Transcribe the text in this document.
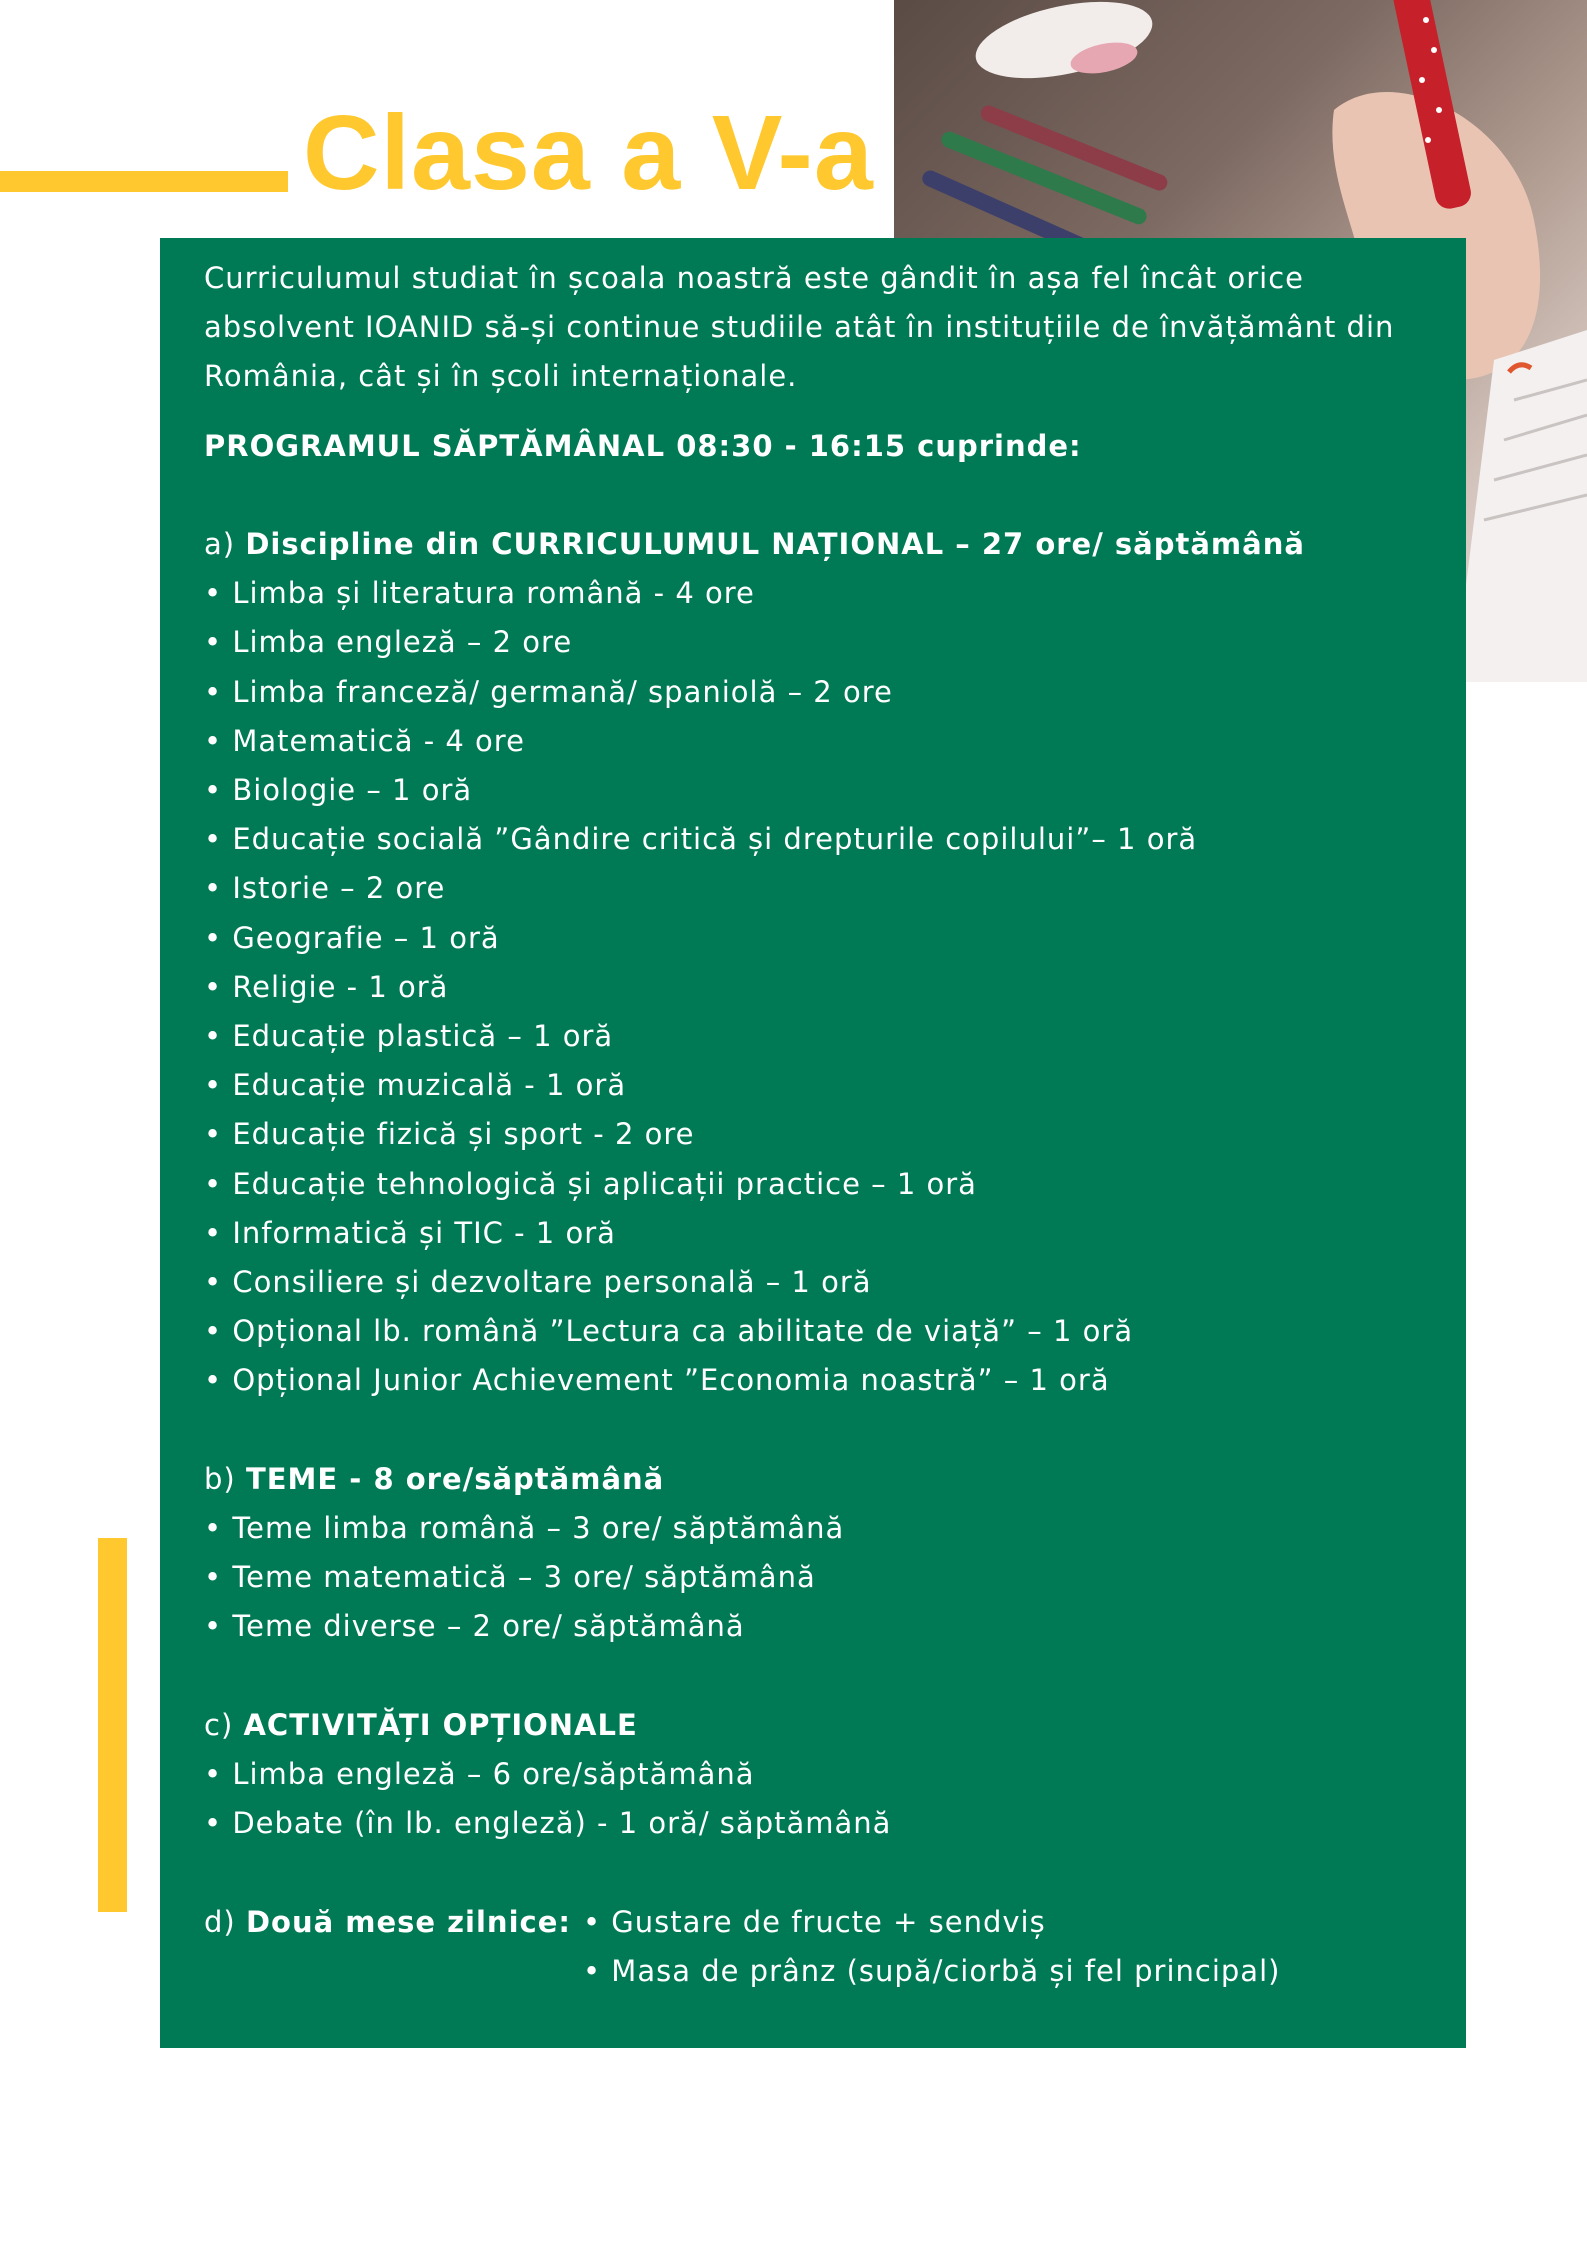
Clasa a V-a

Curriculumul studiat în școala noastră este gândit în așa fel încât orice absolvent IOANID să-și continue studiile atât în instituțiile de învățământ din România, cât și în școli internaționale.

PROGRAMUL SĂPTĂMÂNAL 08:30 - 16:15 cuprinde:

a) Discipline din CURRICULUMUL NAȚIONAL – 27 ore/ săptămână

• Limba și literatura română - 4 ore

• Limba engleză – 2 ore

• Limba franceză/ germană/ spaniolă – 2 ore

• Matematică - 4 ore

• Biologie – 1 oră

• Educație socială ”Gândire critică și drepturile copilului”– 1 oră

• Istorie – 2 ore

• Geografie – 1 oră

• Religie - 1 oră

• Educație plastică – 1 oră

• Educație muzicală - 1 oră

• Educație fizică și sport - 2 ore

• Educație tehnologică și aplicații practice – 1 oră

• Informatică și TIC - 1 oră

• Consiliere și dezvoltare personală – 1 oră

• Opțional lb. română ”Lectura ca abilitate de viață” – 1 oră

• Opțional Junior Achievement ”Economia noastră” – 1 oră

b) TEME - 8 ore/săptămână

• Teme limba română – 3 ore/ săptămână

• Teme matematică – 3 ore/ săptămână

• Teme diverse – 2 ore/ săptămână

c) ACTIVITĂȚI OPȚIONALE

• Limba engleză – 6 ore/săptămână

• Debate (în lb. engleză) - 1 oră/ săptămână

d) Două mese zilnice: • Gustare de fructe + sendviș

• Masa de prânz (supă/ciorbă și fel principal)
